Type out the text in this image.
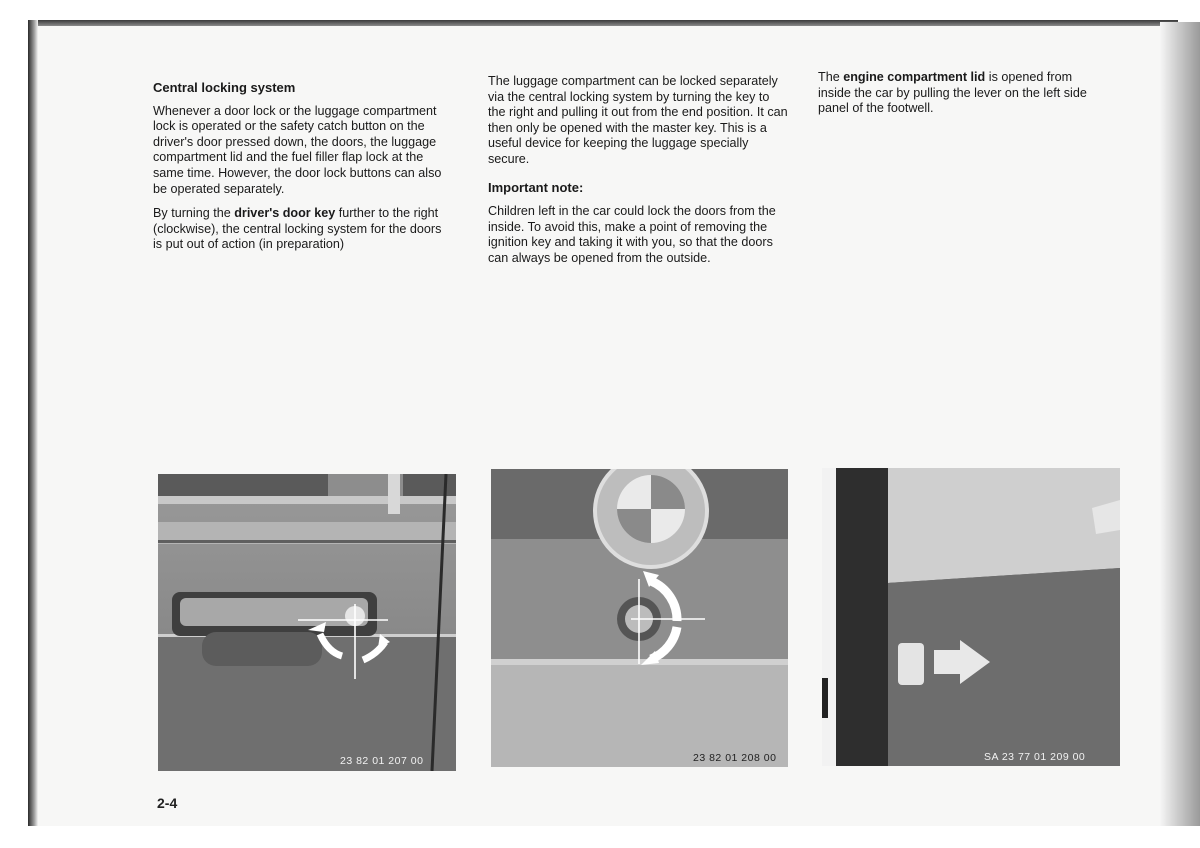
Central locking system

Whenever a door lock or the luggage compartment lock is operated or the safety catch button on the driver's door pressed down, the doors, the luggage compartment lid and the fuel filler flap lock at the same time. However, the door lock buttons can also be operated separately.

By turning the driver's door key further to the right (clockwise), the central locking system for the doors is put out of action (in preparation)

The luggage compartment can be locked separately via the central locking system by turning the key to the right and pulling it out from the end position. It can then only be opened with the master key. This is a useful device for keeping the luggage specially secure.

Important note:

Children left in the car could lock the doors from the inside. To avoid this, make a point of removing the ignition key and taking it with you, so that the doors can always be opened from the outside.

The engine compartment lid is opened from inside the car by pulling the lever on the left side panel of the footwell.

23 82 01 207 00	23 82 01 208 00	SA 23 77 01 209 00
2-4
